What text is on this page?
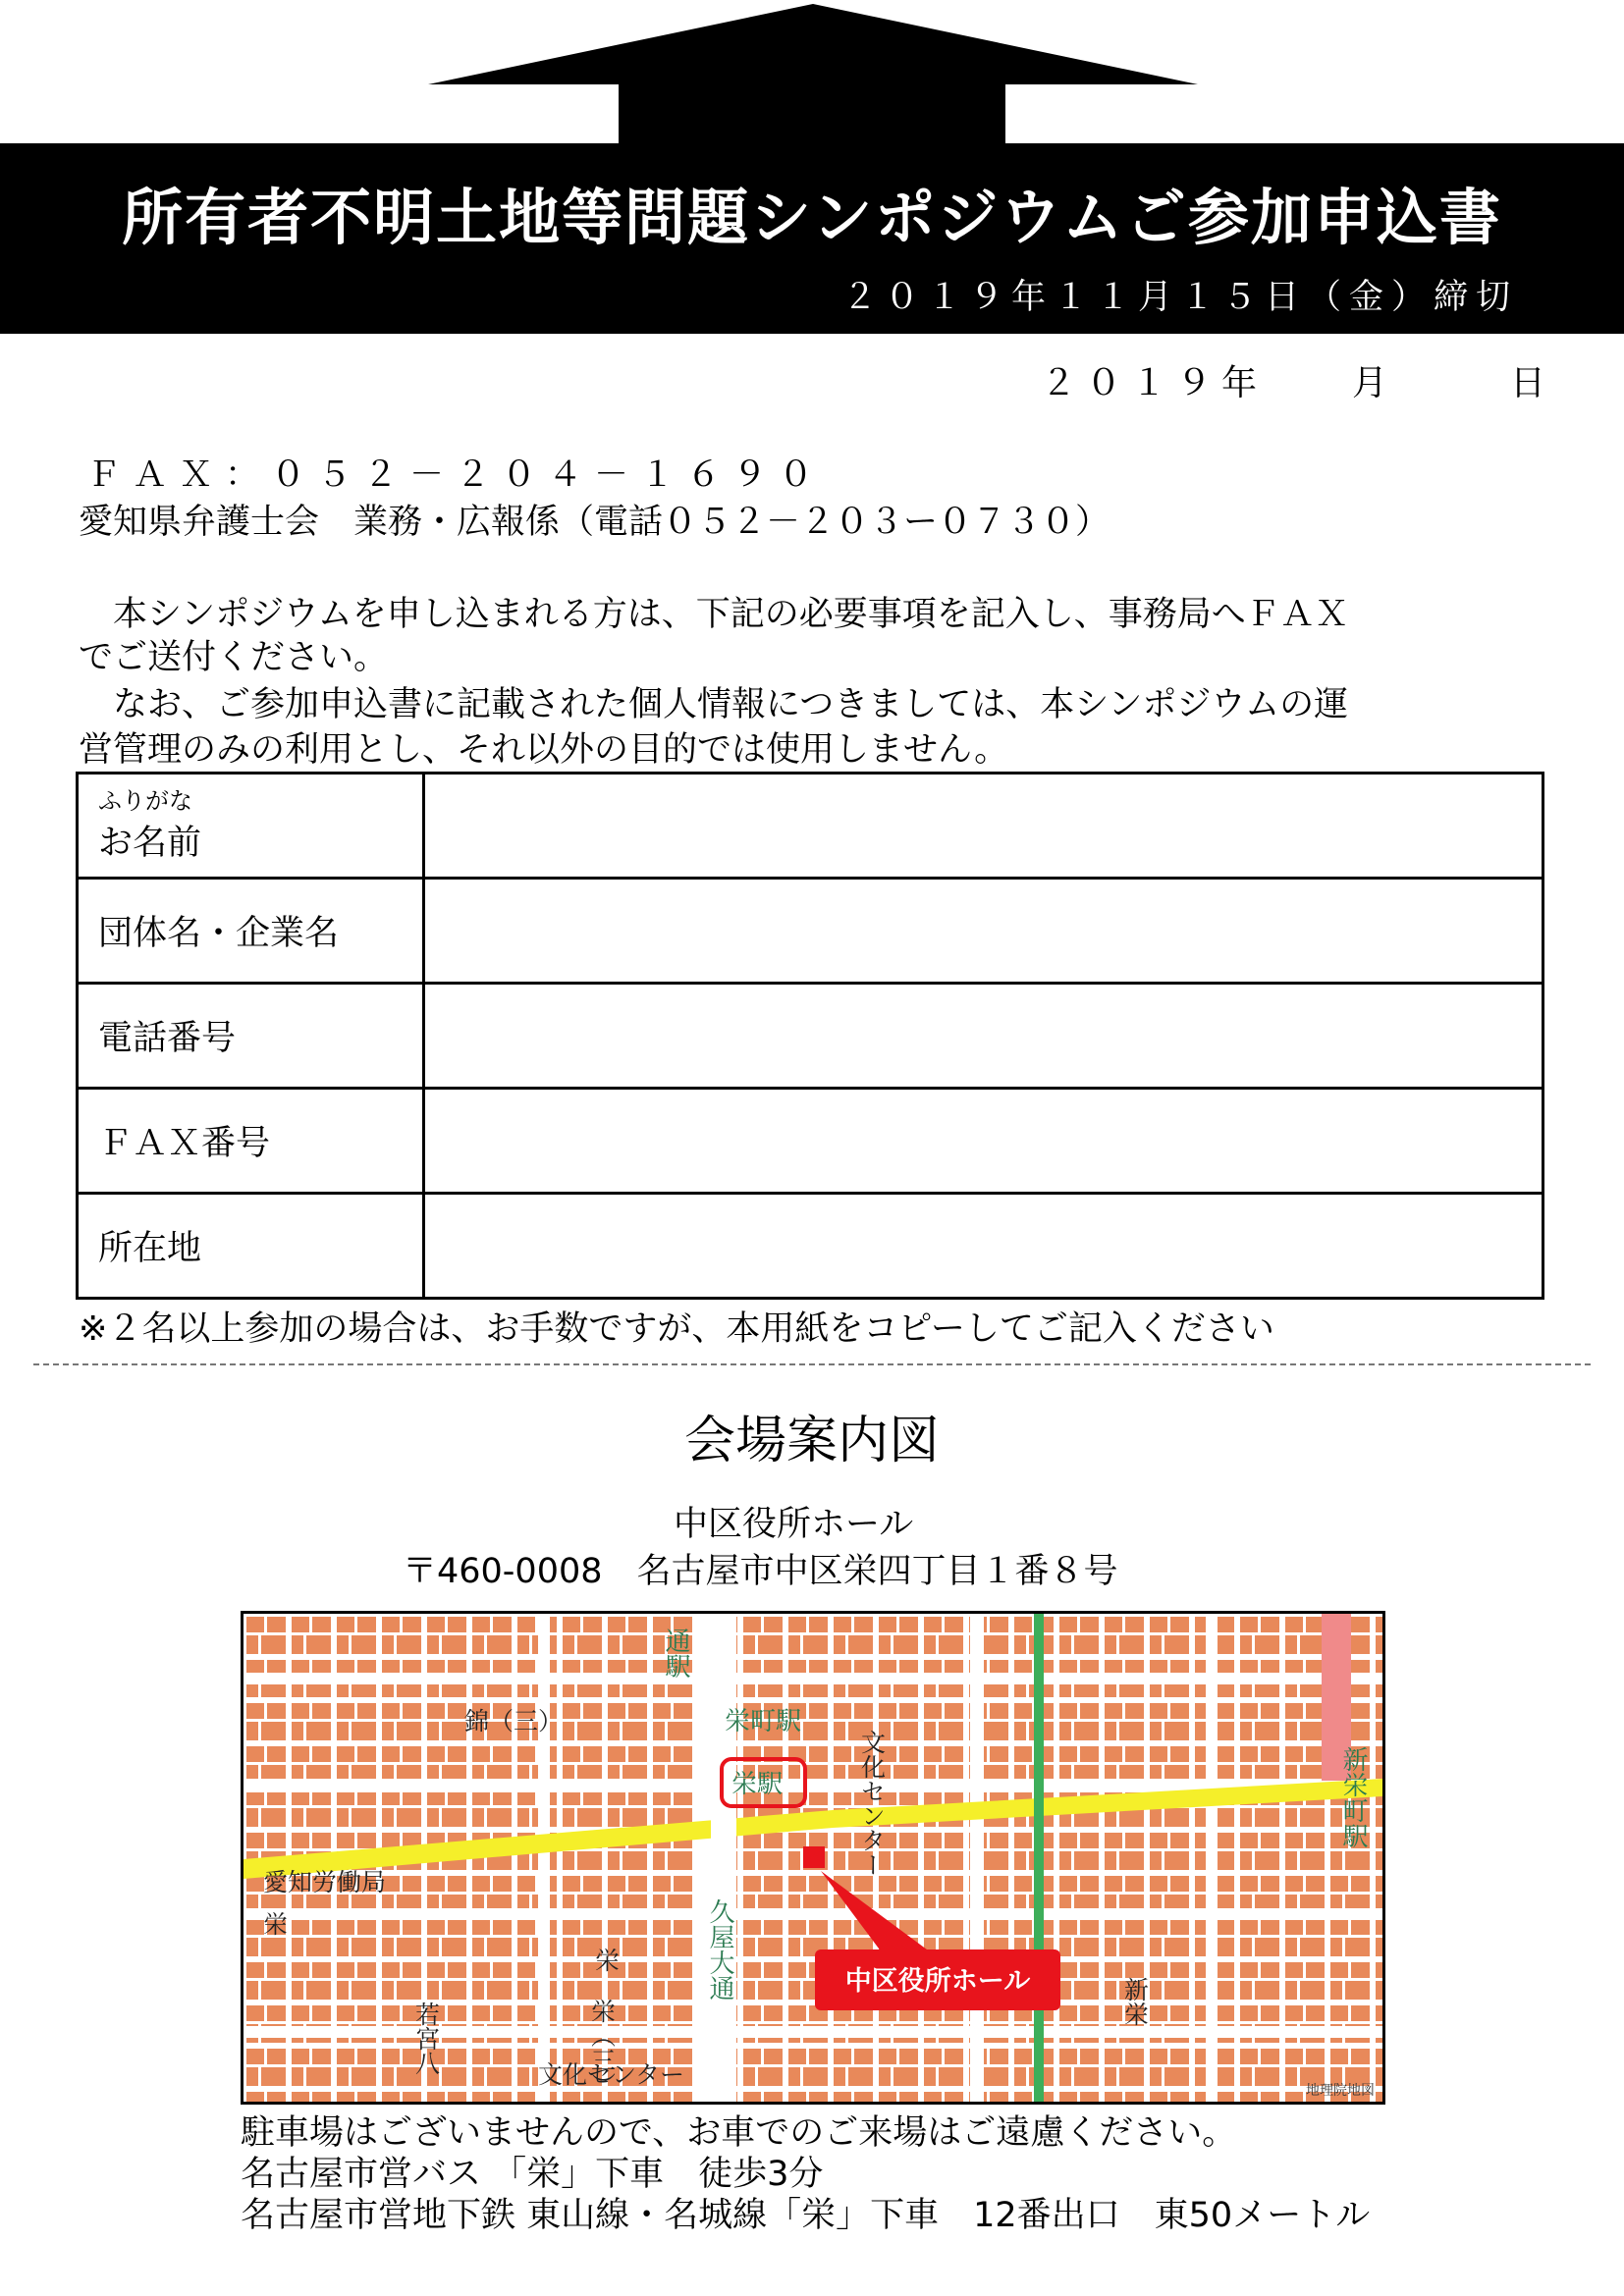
所有者不明土地等問題シンポジウムご参加申込書
２０１９年１１月１５日（金）締切
２０１９年 月	日
ＦＡＸ：０５２－２０４－１６９０
愛知県弁護士会　業務・広報係（電話０５２－２０３ー０７３０）
　本シンポジウムを申し込まれる方は、下記の必要事項を記入し、事務局へＦＡＸ
でご送付ください。
　なお、ご参加申込書に記載された個人情報につきましては、本シンポジウムの運
営管理のみの利用とし、それ以外の目的では使用しません。
ふりがな
お名前	
団体名・企業名	
電話番号	
ＦＡＸ番号	
所在地	
※２名以上参加の場合は、お手数ですが、本用紙をコピーしてご記入ください
会場案内図
中区役所ホール
〒460-0008　名古屋市中区栄四丁目１番８号
栄町駅
栄駅	新栄町駅
久屋大通
通駅
錦（三）
愛知労働局
文化センター
文化センター
栄
栄
栄（三）
若宮八	新栄
中区役所ホール
地理院地図
駐車場はございませんので、お車でのご来場はご遠慮ください。
名古屋市営バス 「栄」下車　徒歩3分
名古屋市営地下鉄 東山線・名城線「栄」下車　12番出口　東50メートル
